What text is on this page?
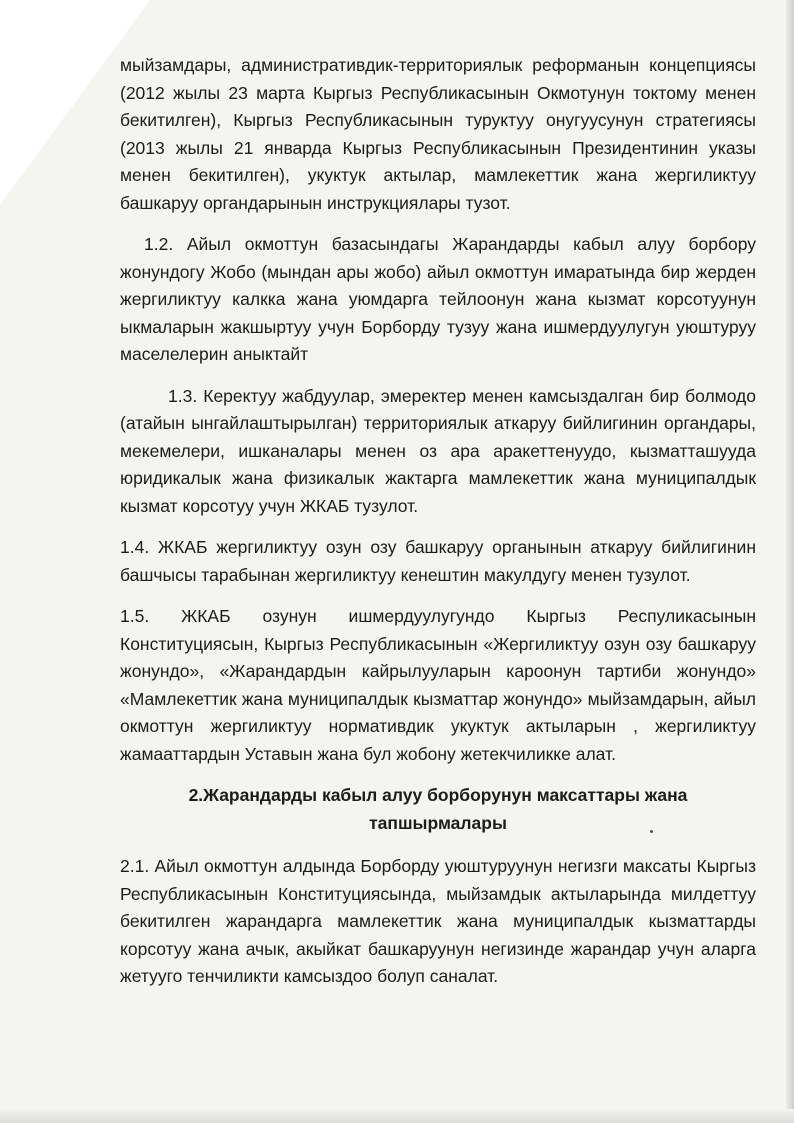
мыйзамдары, административдик-территориялык реформанын концепциясы (2012 жылы 23 марта Кыргыз Республикасынын Окмотунун токтому менен бекитилген), Кыргыз Республикасынын туруктуу онугуусунун стратегиясы (2013 жылы 21 январда Кыргыз Республикасынын Президентинин указы менен бекитилген), укуктук актылар, мамлекеттик жана жергиликтуу башкаруу органдарынын инструкциялары тузот.

1.2. Айыл окмоттун базасындагы Жарандарды кабыл алуу борбору жонундогу Жобо (мындан ары жобо) айыл окмоттун имаратында бир жерден жергиликтуу калкка жана уюмдарга тейлоонун жана кызмат корсотуунун ыкмаларын жакшыртуу учун Борборду тузуу жана ишмердуулугун уюштуруу маселелерин аныктайт

1.3. Керектуу жабдуулар, эмеректер менен камсыздалган бир болмодо (атайын ынгайлаштырылган) территориялык аткаруу бийлигинин органдары, мекемелери, ишканалары менен оз ара аракеттенуудо, кызматташууда юридикалык жана физикалык жактарга мамлекеттик жана муниципалдык кызмат корсотуу учун ЖКАБ тузулот.

1.4. ЖКАБ жергиликтуу озун озу башкаруу органынын аткаруу бийлигинин башчысы тарабынан жергиликтуу кенештин макулдугу менен тузулот.

1.5. ЖКАБ озунун ишмердуулугундо Кыргыз Респуликасынын Конституциясын, Кыргыз Республикасынын «Жергиликтуу озун озу башкаруу жонундо», «Жарандардын кайрылууларын кароонун тартиби жонундо» «Мамлекеттик жана муниципалдык кызматтар жонундо» мыйзамдарын, айыл окмоттун жергиликтуу нормативдик укуктук актыларын , жергиликтуу жамааттардын Уставын жана бул жобону жетекчиликке алат.

2.Жарандарды кабыл алуу борборунун максаттары жана тапшырмалары

2.1. Айыл окмоттун алдында Борборду уюштуруунун негизги максаты Кыргыз Республикасынын Конституциясында, мыйзамдык актыларында милдеттуу бекитилген жарандарга мамлекеттик жана муниципалдык кызматтарды корсотуу жана ачык, акыйкат башкаруунун негизинде жарандар учун аларга жетууго тенчиликти камсыздоо болуп саналат.
